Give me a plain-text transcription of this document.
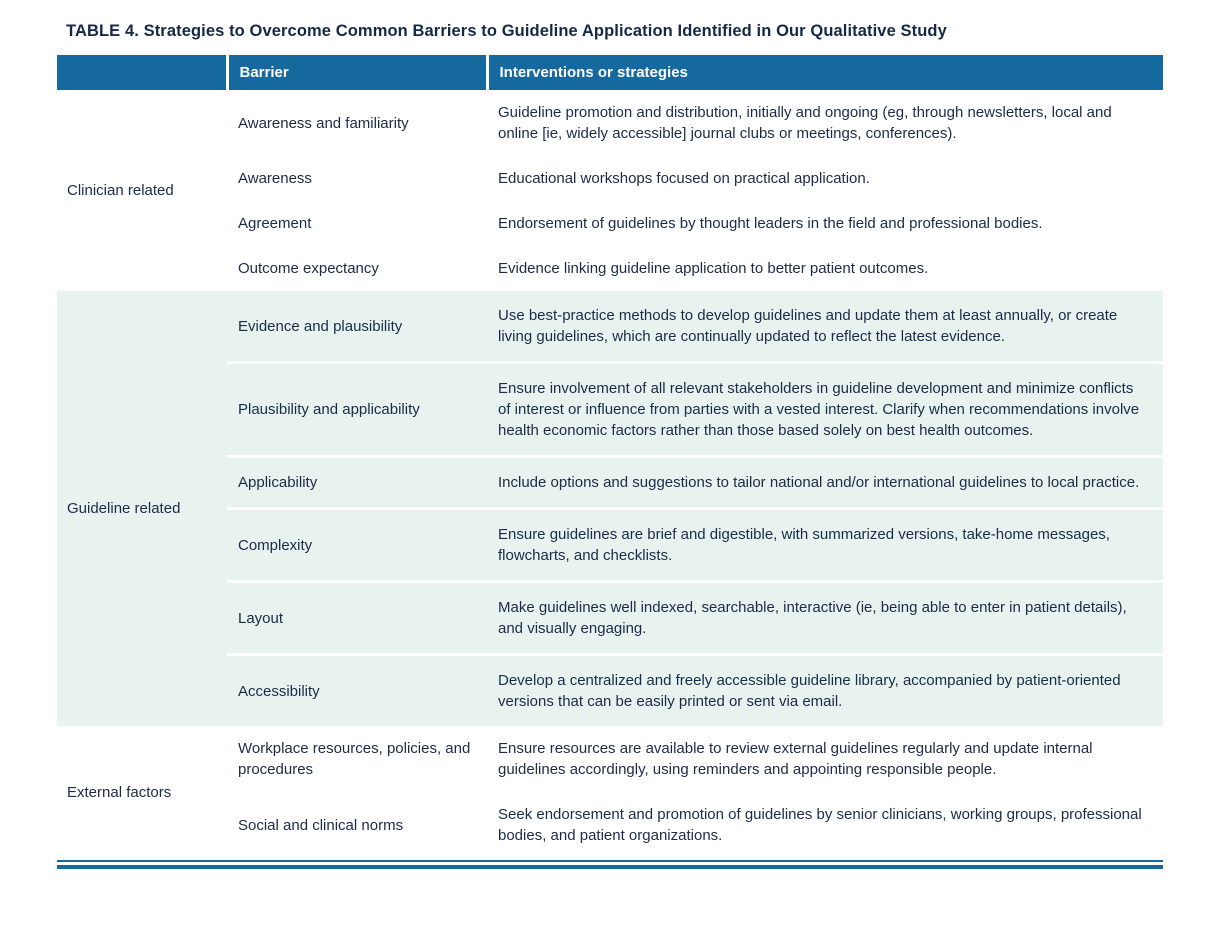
TABLE 4. Strategies to Overcome Common Barriers to Guideline Application Identified in Our Qualitative Study
	Barrier	Interventions or strategies
Clinician related	Awareness and familiarity	Guideline promotion and distribution, initially and ongoing (eg, through newsletters, local and online [ie, widely accessible] journal clubs or meetings, conferences).
	Awareness	Educational workshops focused on practical application.
	Agreement	Endorsement of guidelines by thought leaders in the field and professional bodies.
	Outcome expectancy	Evidence linking guideline application to better patient outcomes.
Guideline related	Evidence and plausibility	Use best-practice methods to develop guidelines and update them at least annually, or create living guidelines, which are continually updated to reflect the latest evidence.
	Plausibility and applicability	Ensure involvement of all relevant stakeholders in guideline development and minimize conflicts of interest or influence from parties with a vested interest. Clarify when recommendations involve health economic factors rather than those based solely on best health outcomes.
	Applicability	Include options and suggestions to tailor national and/or international guidelines to local practice.
	Complexity	Ensure guidelines are brief and digestible, with summarized versions, take-home messages, flowcharts, and checklists.
	Layout	Make guidelines well indexed, searchable, interactive (ie, being able to enter in patient details), and visually engaging.
	Accessibility	Develop a centralized and freely accessible guideline library, accompanied by patient-oriented versions that can be easily printed or sent via email.
External factors	Workplace resources, policies, and procedures	Ensure resources are available to review external guidelines regularly and update internal guidelines accordingly, using reminders and appointing responsible people.
	Social and clinical norms	Seek endorsement and promotion of guidelines by senior clinicians, working groups, professional bodies, and patient organizations.
